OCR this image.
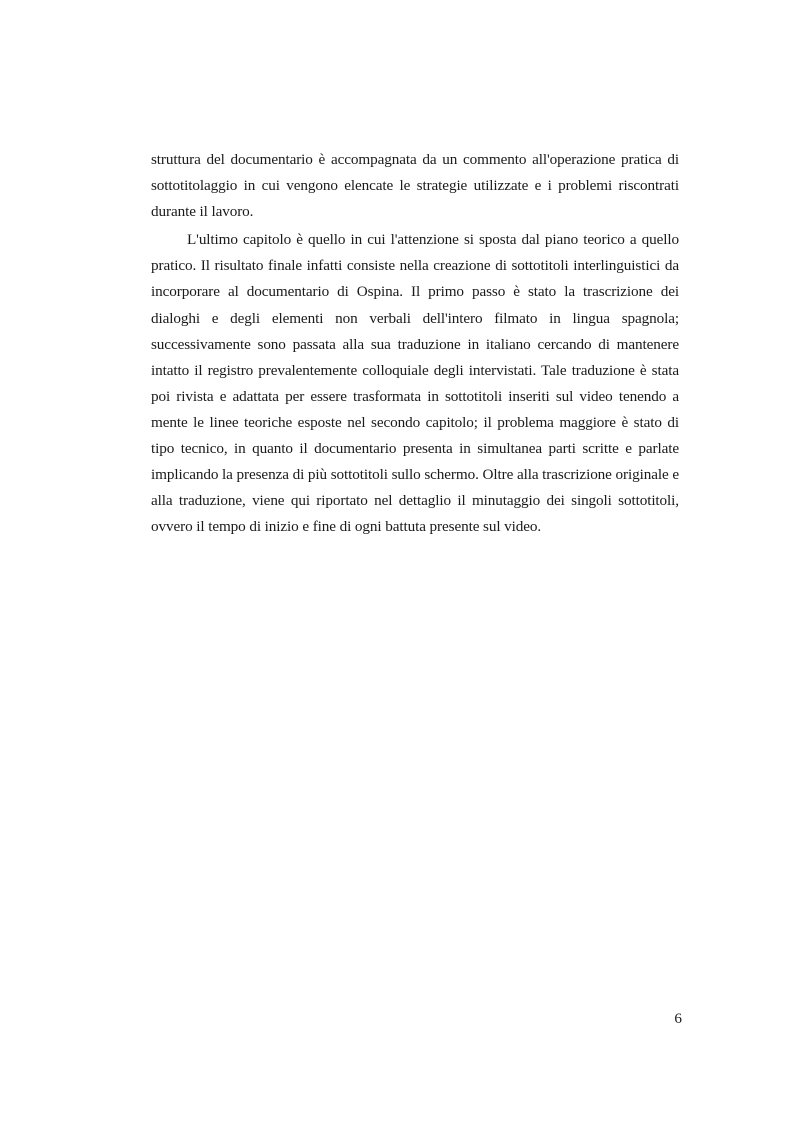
struttura del documentario è accompagnata da un commento all'operazione pratica di sottotitolaggio in cui vengono elencate le strategie utilizzate e i problemi riscontrati durante il lavoro.

L'ultimo capitolo è quello in cui l'attenzione si sposta dal piano teorico a quello pratico. Il risultato finale infatti consiste nella creazione di sottotitoli interlinguistici da incorporare al documentario di Ospina. Il primo passo è stato la trascrizione dei dialoghi e degli elementi non verbali dell'intero filmato in lingua spagnola; successivamente sono passata alla sua traduzione in italiano cercando di mantenere intatto il registro prevalentemente colloquiale degli intervistati. Tale traduzione è stata poi rivista e adattata per essere trasformata in sottotitoli inseriti sul video tenendo a mente le linee teoriche esposte nel secondo capitolo; il problema maggiore è stato di tipo tecnico, in quanto il documentario presenta in simultanea parti scritte e parlate implicando la presenza di più sottotitoli sullo schermo. Oltre alla trascrizione originale e alla traduzione, viene qui riportato nel dettaglio il minutaggio dei singoli sottotitoli, ovvero il tempo di inizio e fine di ogni battuta presente sul video.

6
